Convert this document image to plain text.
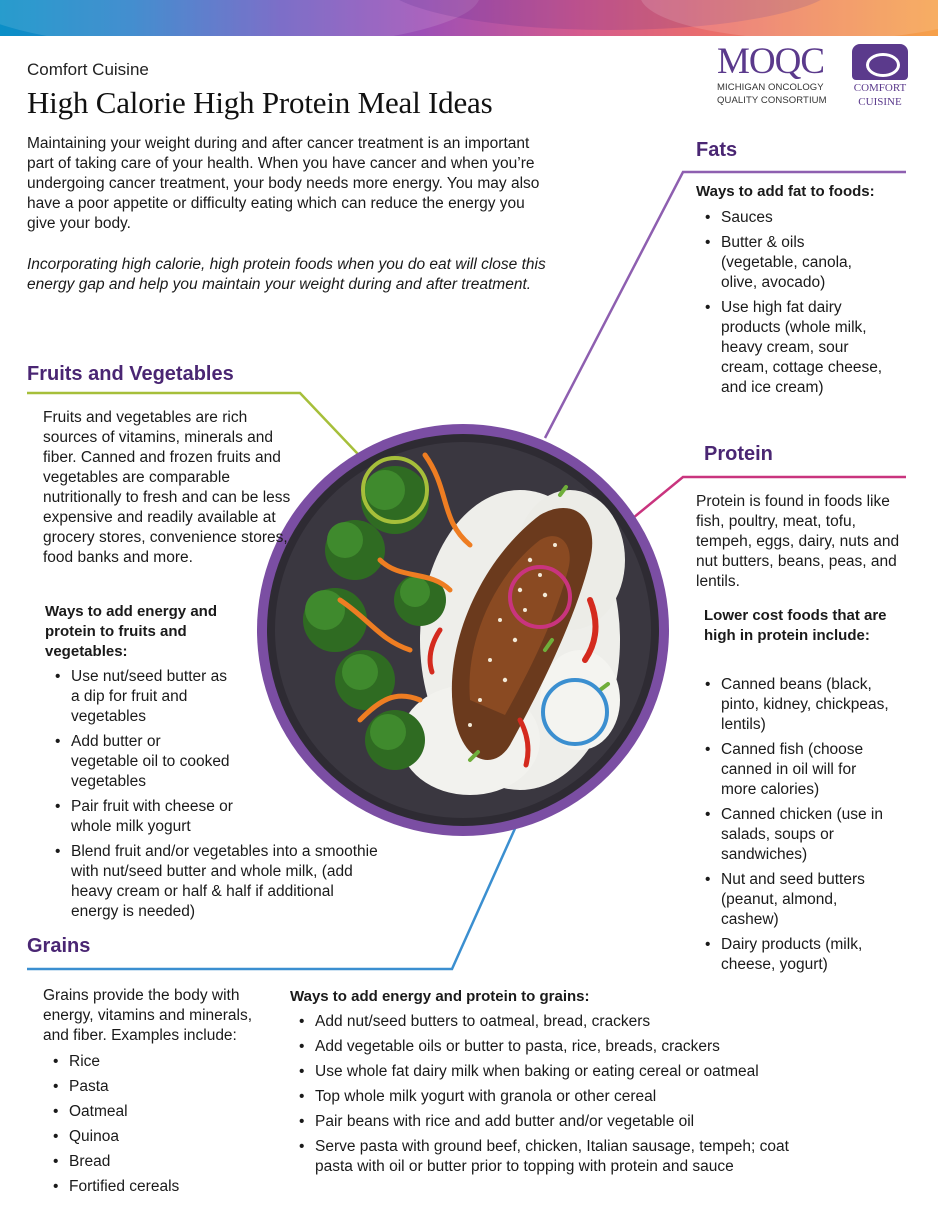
Comfort Cuisine
High Calorie High Protein Meal Ideas
MOQC
MICHIGAN ONCOLOGY
QUALITY CONSORTIUM
COMFORT
CUISINE
Maintaining your weight during and after cancer treatment is an important part of taking care of your health. When you have cancer and when you’re undergoing cancer treatment, your body needs more energy. You may also have a poor appetite or difficulty eating which can reduce the energy you give your body.
Incorporating high calorie, high protein foods when you do eat will close this energy gap and help you maintain your weight during and after treatment.
Fruits and Vegetables
Fruits and vegetables are rich sources of vitamins, minerals and fiber. Canned and frozen fruits and vegetables are comparable nutritionally to fresh and can be less expensive and readily available at grocery stores, convenience stores, food banks and more.
Ways to add energy and protein to fruits and vegetables:
• Use nut/seed butter as a dip for fruit and vegetables
• Add butter or vegetable oil to cooked vegetables
• Pair fruit with cheese or whole milk yogurt
• Blend fruit and/or vegetables into a smoothie with nut/seed butter and whole milk, (add heavy cream or half & half if additional energy is needed)
Fats
Ways to add fat to foods:
• Sauces
• Butter & oils (vegetable, canola, olive, avocado)
• Use high fat dairy products (whole milk, heavy cream, sour cream, cottage cheese, and ice cream)
Protein
Protein is found in foods like fish, poultry, meat, tofu, tempeh, eggs, dairy, nuts and nut butters, beans, peas, and lentils.
Lower cost foods that are high in protein include:
• Canned beans (black, pinto, kidney, chickpeas, lentils)
• Canned fish (choose canned in oil will for more calories)
• Canned chicken (use in salads, soups or sandwiches)
• Nut and seed butters (peanut, almond, cashew)
• Dairy products (milk, cheese, yogurt)
Grains
Grains provide the body with energy, vitamins and minerals, and fiber. Examples include:
• Rice
• Pasta
• Oatmeal
• Quinoa
• Bread
• Fortified cereals
Ways to add energy and protein to grains:
• Add nut/seed butters to oatmeal, bread, crackers
• Add vegetable oils or butter to pasta, rice, breads, crackers
• Use whole fat dairy milk when baking or eating cereal or oatmeal
• Top whole milk yogurt with granola or other cereal
• Pair beans with rice and add butter and/or vegetable oil
• Serve pasta with ground beef, chicken, Italian sausage, tempeh; coat pasta with oil or butter prior to topping with protein and sauce
